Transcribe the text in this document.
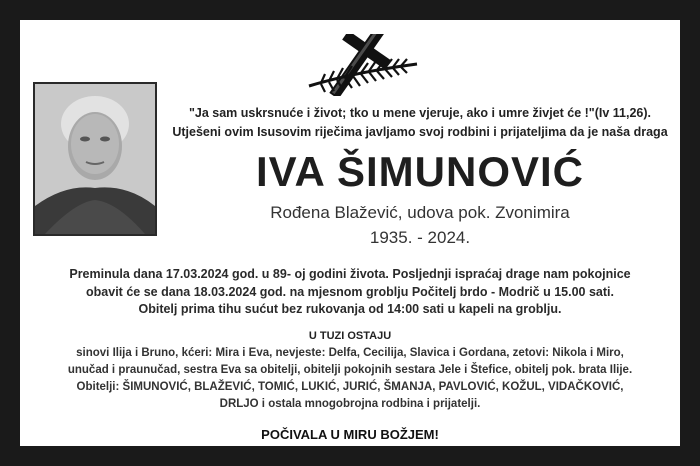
"Ja sam uskrsnuće i život; tko u mene vjeruje, ako i umre živjet će !"(Iv 11,26).
Utješeni ovim Isusovim riječima javljamo svoj rodbini i prijateljima da je naša draga
IVA ŠIMUNOVIĆ
Rođena Blažević, udova pok. Zvonimira
1935. - 2024.
Preminula dana 17.03.2024 god. u 89- oj godini života. Posljednji ispraćaj drage nam pokojnice
obavit će se dana 18.03.2024 god. na mjesnom groblju Počitelj brdo - Modrič u 15.00 sati.
Obitelj prima tihu sućut bez rukovanja od 14:00 sati u kapeli na groblju.
U TUZI OSTAJU
sinovi Ilija i Bruno, kćeri: Mira i Eva, nevjeste: Delfa, Cecilija, Slavica i Gordana, zetovi: Nikola i Miro,
unučad i praunučad, sestra Eva sa obitelji, obitelji pokojnih sestara Jele i Štefice, obitelj pok. brata Ilije.
Obitelji: ŠIMUNOVIĆ, BLAŽEVIĆ, TOMIĆ, LUKIĆ, JURIĆ, ŠMANJA, PAVLOVIĆ, KOŽUL, VIDAČKOVIĆ,
DRLJO i ostala mnogobrojna rodbina i prijatelji.
POČIVALA U MIRU BOŽJEM!
